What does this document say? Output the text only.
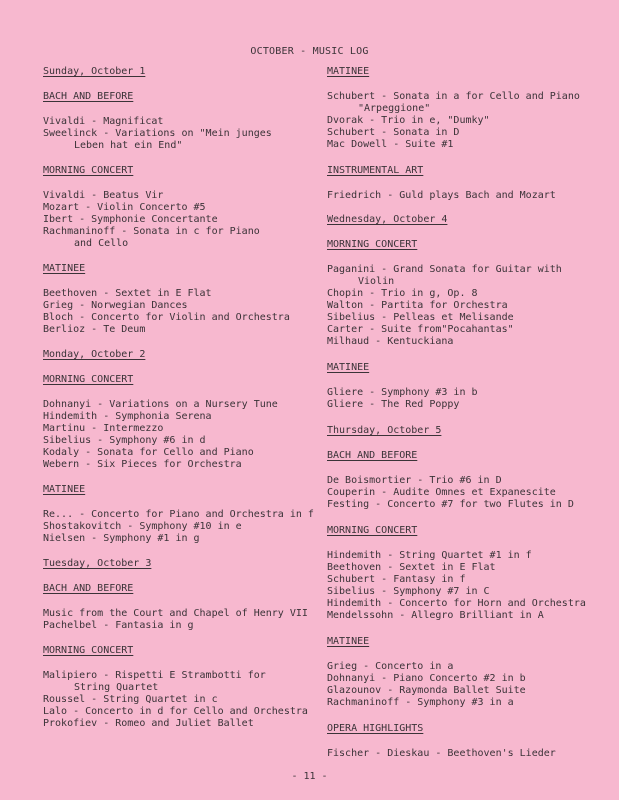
OCTOBER - MUSIC LOG
Sunday, October 1
BACH AND BEFORE
Vivaldi - Magnificat
Sweelinck - Variations on "Mein junges
Leben hat ein End"
MORNING CONCERT
Vivaldi - Beatus Vir
Mozart - Violin Concerto #5
Ibert - Symphonie Concertante
Rachmaninoff - Sonata in c for Piano
and Cello
MATINEE
Beethoven - Sextet in E Flat
Grieg - Norwegian Dances
Bloch - Concerto for Violin and Orchestra
Berlioz - Te Deum
Monday, October 2
MORNING CONCERT
Dohnanyi - Variations on a Nursery Tune
Hindemith - Symphonia Serena
Martinu - Intermezzo
Sibelius - Symphony #6 in d
Kodaly - Sonata for Cello and Piano
Webern - Six Pieces for Orchestra
MATINEE
Re... - Concerto for Piano and Orchestra in f
Shostakovitch - Symphony #10 in e
Nielsen - Symphony #1 in g
Tuesday, October 3
BACH AND BEFORE
Music from the Court and Chapel of Henry VII
Pachelbel - Fantasia in g
MORNING CONCERT
Malipiero - Rispetti E Strambotti for
String Quartet
Roussel - String Quartet in c
Lalo - Concerto in d for Cello and Orchestra
Prokofiev - Romeo and Juliet Ballet
MATINEE
Schubert - Sonata in a for Cello and Piano
"Arpeggione"
Dvorak - Trio in e, "Dumky"
Schubert - Sonata in D
Mac Dowell - Suite #1
INSTRUMENTAL ART
Friedrich - Guld plays Bach and Mozart
Wednesday, October 4
MORNING CONCERT
Paganini - Grand Sonata for Guitar with
Violin
Chopin - Trio in g, Op. 8
Walton - Partita for Orchestra
Sibelius - Pelleas et Melisande
Carter - Suite from"Pocahantas"
Milhaud - Kentuckiana
MATINEE
Gliere - Symphony #3 in b
Gliere - The Red Poppy
Thursday, October 5
BACH AND BEFORE
De Boismortier - Trio #6 in D
Couperin - Audite Omnes et Expanescite
Festing - Concerto #7 for two Flutes in D
MORNING CONCERT
Hindemith - String Quartet #1 in f
Beethoven - Sextet in E Flat
Schubert - Fantasy in f
Sibelius - Symphony #7 in C
Hindemith - Concerto for Horn and Orchestra
Mendelssohn - Allegro Brilliant in A
MATINEE
Grieg - Concerto in a
Dohnanyi - Piano Concerto #2 in b
Glazounov - Raymonda Ballet Suite
Rachmaninoff - Symphony #3 in a
OPERA HIGHLIGHTS
Fischer - Dieskau - Beethoven's Lieder
- 11 -
